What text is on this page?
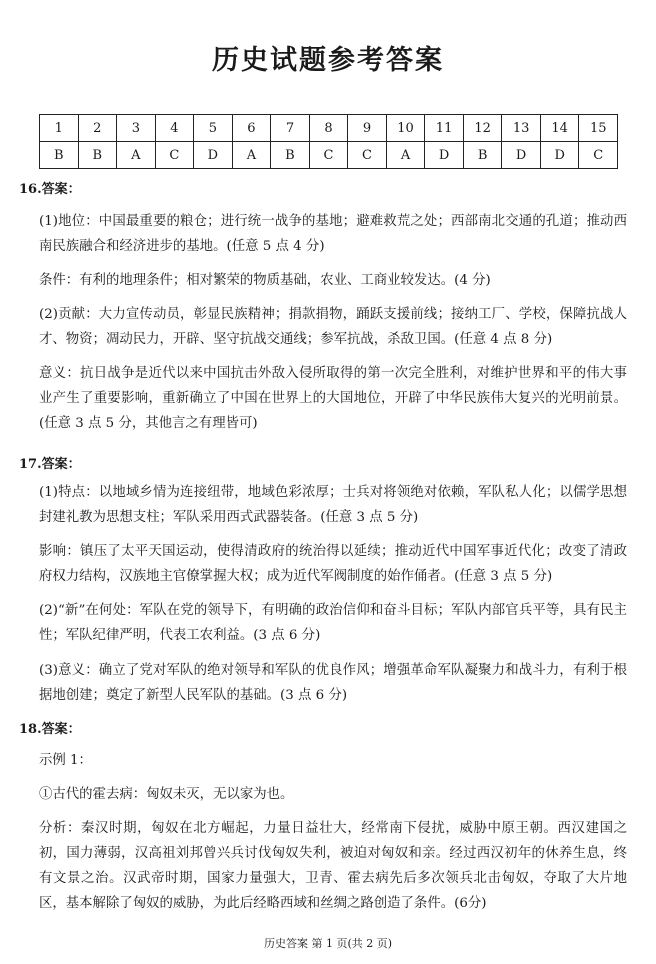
历史试题参考答案
1	2	3	4	5	6	7	8	9	10	11	12	13	14	15
B	B	A	C	D	A	B	C	C	A	D	B	D	D	C
16.答案：
(1)地位：中国最重要的粮仓；进行统一战争的基地；避难救荒之处；西部南北交通的孔道；推动西南民族融合和经济进步的基地。(任意 5 点 4 分)
条件：有利的地理条件；相对繁荣的物质基础，农业、工商业较发达。(4 分)
(2)贡献：大力宣传动员，彰显民族精神；捐款捐物，踊跃支援前线；接纳工厂、学校，保障抗战人才、物资；凋动民力，开辟、坚守抗战交通线；参军抗战，杀敌卫国。(任意 4 点 8 分)
意义：抗日战争是近代以来中国抗击外敌入侵所取得的第一次完全胜利，对维护世界和平的伟大事业产生了重要影响，重新确立了中国在世界上的大国地位，开辟了中华民族伟大复兴的光明前景。(任意 3 点 5 分，其他言之有理皆可)
17.答案：
(1)特点：以地域乡情为连接纽带，地域色彩浓厚；士兵对将领绝对依赖，军队私人化；以儒学思想封建礼教为思想支柱；军队采用西式武器装备。(任意 3 点 5 分)
影响：镇压了太平天国运动，使得清政府的统治得以延续；推动近代中国军事近代化；改变了清政府权力结构，汉族地主官僚掌握大权；成为近代军阀制度的始作俑者。(任意 3 点 5 分)
(2)“新”在何处：军队在党的领导下，有明确的政治信仰和奋斗目标；军队内部官兵平等，具有民主性；军队纪律严明，代表工农利益。(3 点 6 分)
(3)意义：确立了党对军队的绝对领导和军队的优良作风；增强革命军队凝聚力和战斗力，有利于根据地创建；奠定了新型人民军队的基础。(3 点 6 分)
18.答案：
示例 1：
①古代的霍去病：匈奴未灭，无以家为也。
分析：秦汉时期，匈奴在北方崛起，力量日益壮大，经常南下侵扰，威胁中原王朝。西汉建国之初，国力薄弱，汉高祖刘邦曾兴兵讨伐匈奴失利，被迫对匈奴和亲。经过西汉初年的休养生息，终有文景之治。汉武帝时期，国家力量强大，卫青、霍去病先后多次领兵北击匈奴，夺取了大片地区，基本解除了匈奴的威胁，为此后经略西域和丝绸之路创造了条件。(6分)
历史答案 第 1 页(共 2 页)
